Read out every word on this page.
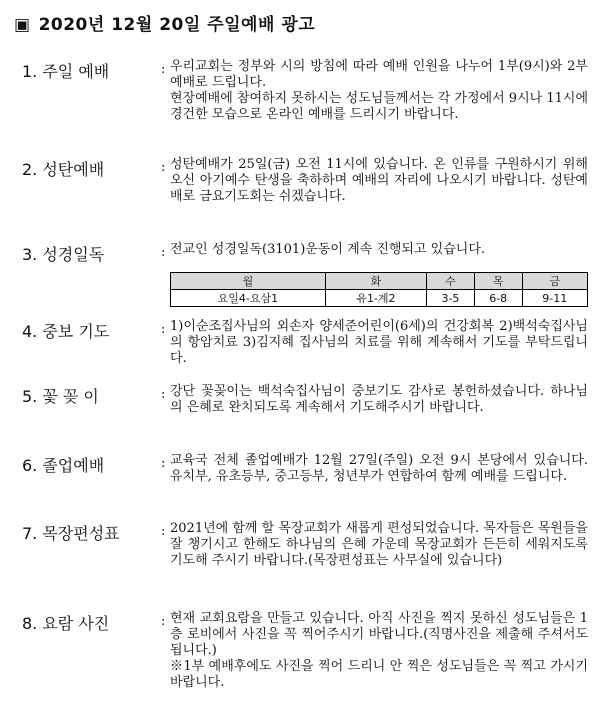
▣ 2020년 12월 20일 주일예배 광고
1. 주일 예배	: 우리교회는 정부와 시의 방침에 따라 예배 인원을 나누어 1부(9시)와 2부 예배로 드립니다.

현장예배에 참여하지 못하시는 성도님들께서는 각 가정에서 9시나 11시에 경건한 모습으로 온라인 예배를 드리시기 바랍니다.

2. 성탄예배	: 성탄예배가 25일(금) 오전 11시에 있습니다. 온 인류를 구원하시기 위해 오신 아기예수 탄생을 축하하며 예배의 자리에 나오시기 바랍니다. 성탄예배로 금요기도회는 쉬겠습니다.

3. 성경일독	: 전교인 성경일독(3101)운동이 계속 진행되고 있습니다.

월	화	수	목	금
요일4-요삼1	유1-계2	3-5	6-8	9-11
4. 중보 기도	: 1)이순조집사님의 외손자 양세준어린이(6세)의 건강회복 2)백석숙집사님의 항암치료 3)김지혜 집사님의 치료를 위해 계속해서 기도를 부탁드립니다.

5. 꽃 꽂 이	: 강단 꽃꽂이는 백석숙집사님이 중보기도 감사로 봉헌하셨습니다. 하나님의 은혜로 완치되도록 계속해서 기도해주시기 바랍니다.

6. 졸업예배	: 교육국 전체 졸업예배가 12월 27일(주일) 오전 9시 본당에서 있습니다. 유치부, 유초등부, 중고등부, 청년부가 연합하여 함께 예배를 드립니다.

7. 목장편성표	: 2021년에 함께 할 목장교회가 새롭게 편성되었습니다. 목자들은 목원들을 잘 챙기시고 한해도 하나님의 은혜 가운데 목장교회가 든든히 세워지도록 기도해 주시기 바랍니다.(목장편성표는 사무실에 있습니다)

8. 요람 사진	: 현재 교회요람을 만들고 있습니다. 아직 사진을 찍지 못하신 성도님들은 1층 로비에서 사진을 꼭 찍어주시기 바랍니다.(직명사진을 제출해 주셔서도 됩니다.)

※1부 예배후에도 사진을 찍어 드리니 안 찍은 성도님들은 꼭 찍고 가시기 바랍니다.
